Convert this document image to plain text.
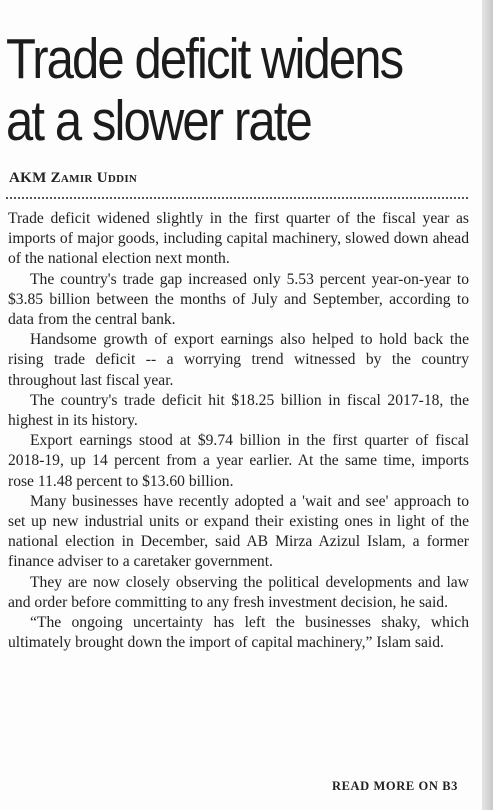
Trade deficit widens
at a slower rate
AKM Zamir Uddin

Trade deficit widened slightly in the first quarter of the fiscal year as imports of major goods, including capital machinery, slowed down ahead of the national election next month.

The country's trade gap increased only 5.53 percent year-on-year to $3.85 billion between the months of July and September, according to data from the central bank.

Handsome growth of export earnings also helped to hold back the rising trade deficit -- a worrying trend witnessed by the country throughout last fiscal year.

The country's trade deficit hit $18.25 billion in fiscal 2017-18, the highest in its history.

Export earnings stood at $9.74 billion in the first quarter of fiscal 2018-19, up 14 percent from a year earlier. At the same time, imports rose 11.48 percent to $13.60 billion.

Many businesses have recently adopted a 'wait and see' approach to set up new industrial units or expand their existing ones in light of the national election in December, said AB Mirza Azizul Islam, a former finance adviser to a caretaker government.

They are now closely observing the political developments and law and order before committing to any fresh investment decision, he said.

“The ongoing uncertainty has left the businesses shaky, which ultimately brought down the import of capital machinery,” Islam said.

READ MORE ON B3
